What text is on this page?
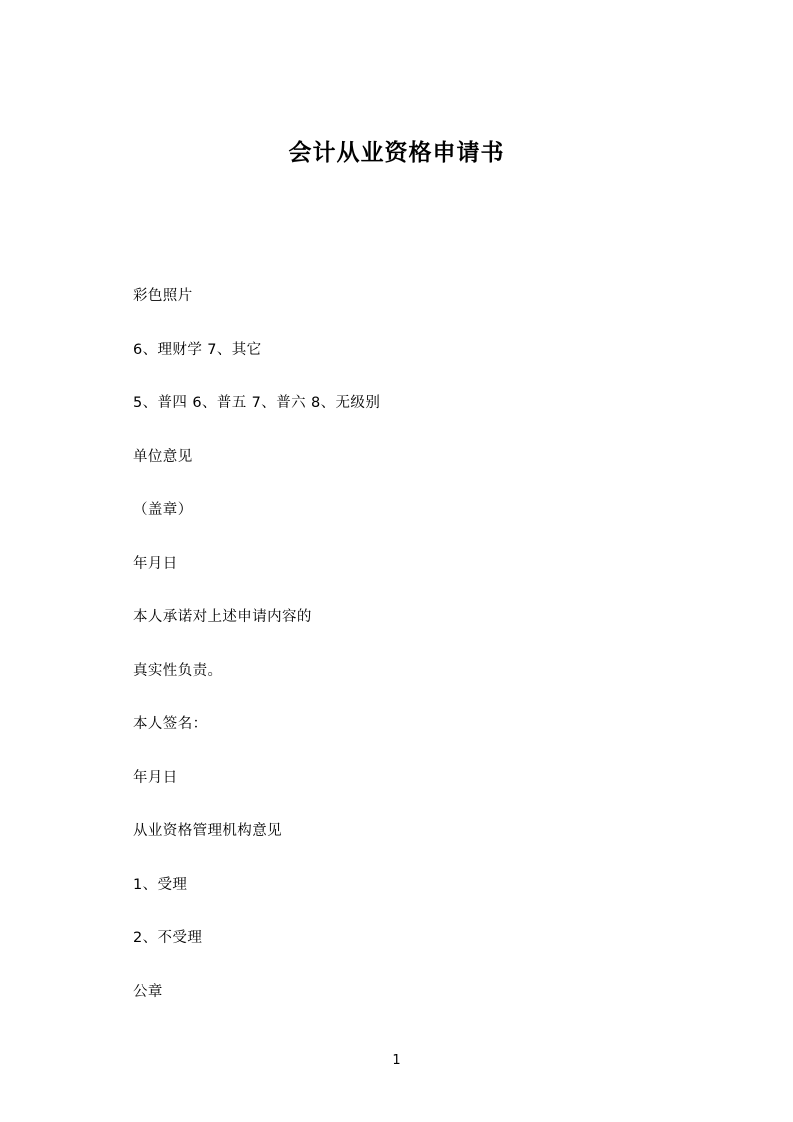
会计从业资格申请书

彩色照片

6、理财学 7、其它

5、普四 6、普五 7、普六 8、无级别

单位意见

（盖章）

年月日

本人承诺对上述申请内容的

真实性负责。

本人签名：

年月日

从业资格管理机构意见

1、受理

2、不受理

公章

1
